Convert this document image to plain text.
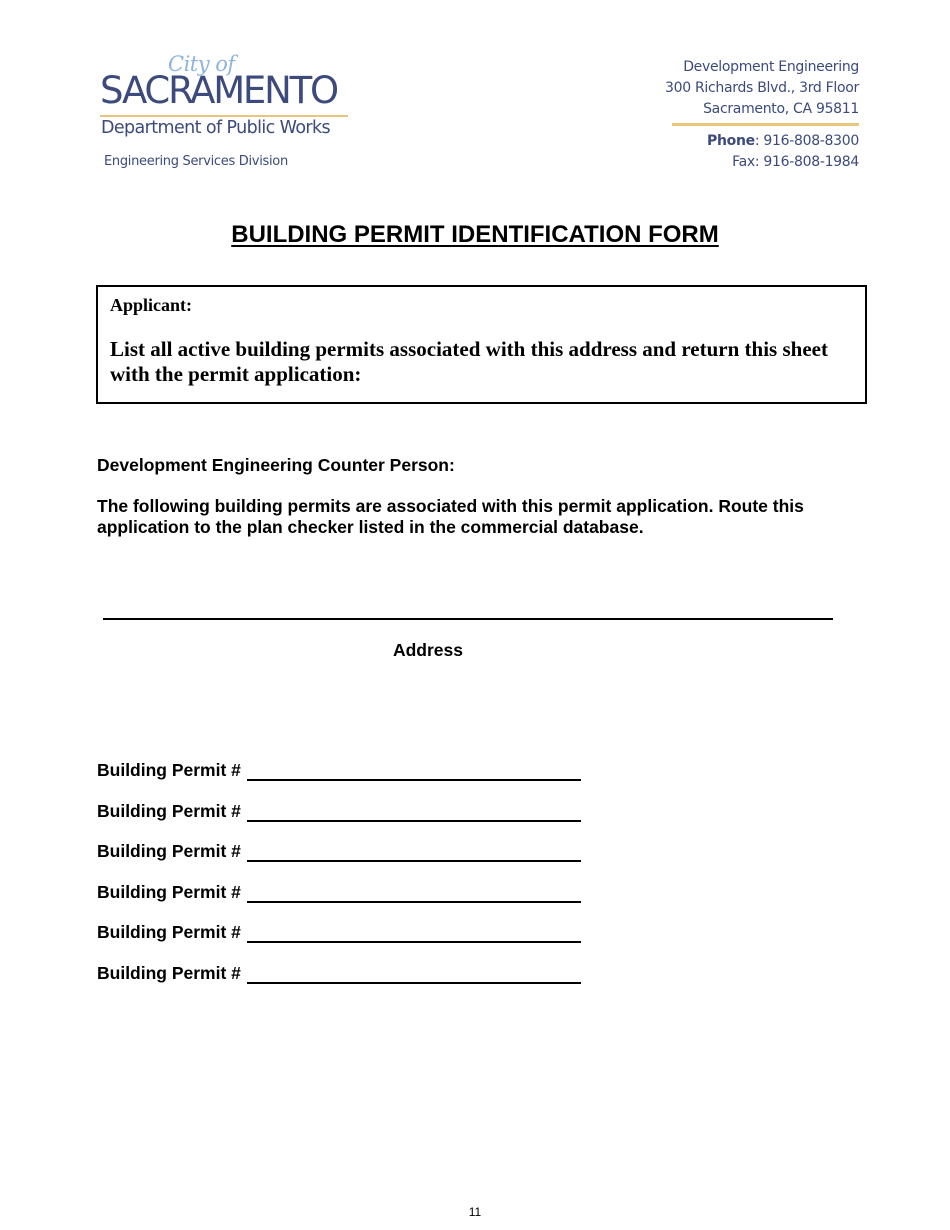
City of
SACRAMENTO
Department of Public Works
Engineering Services Division
Development Engineering
300 Richards Blvd., 3rd Floor
Sacramento, CA 95811
Phone: 916-808-8300
Fax: 916-808-1984
BUILDING PERMIT IDENTIFICATION FORM
Applicant:
List all active building permits associated with this address and return this sheet with the permit application:
Development Engineering Counter Person:
The following building permits are associated with this permit application. Route this application to the plan checker listed in the commercial database.
Address
Building Permit #
Building Permit #
Building Permit #
Building Permit #
Building Permit #
Building Permit #
11
